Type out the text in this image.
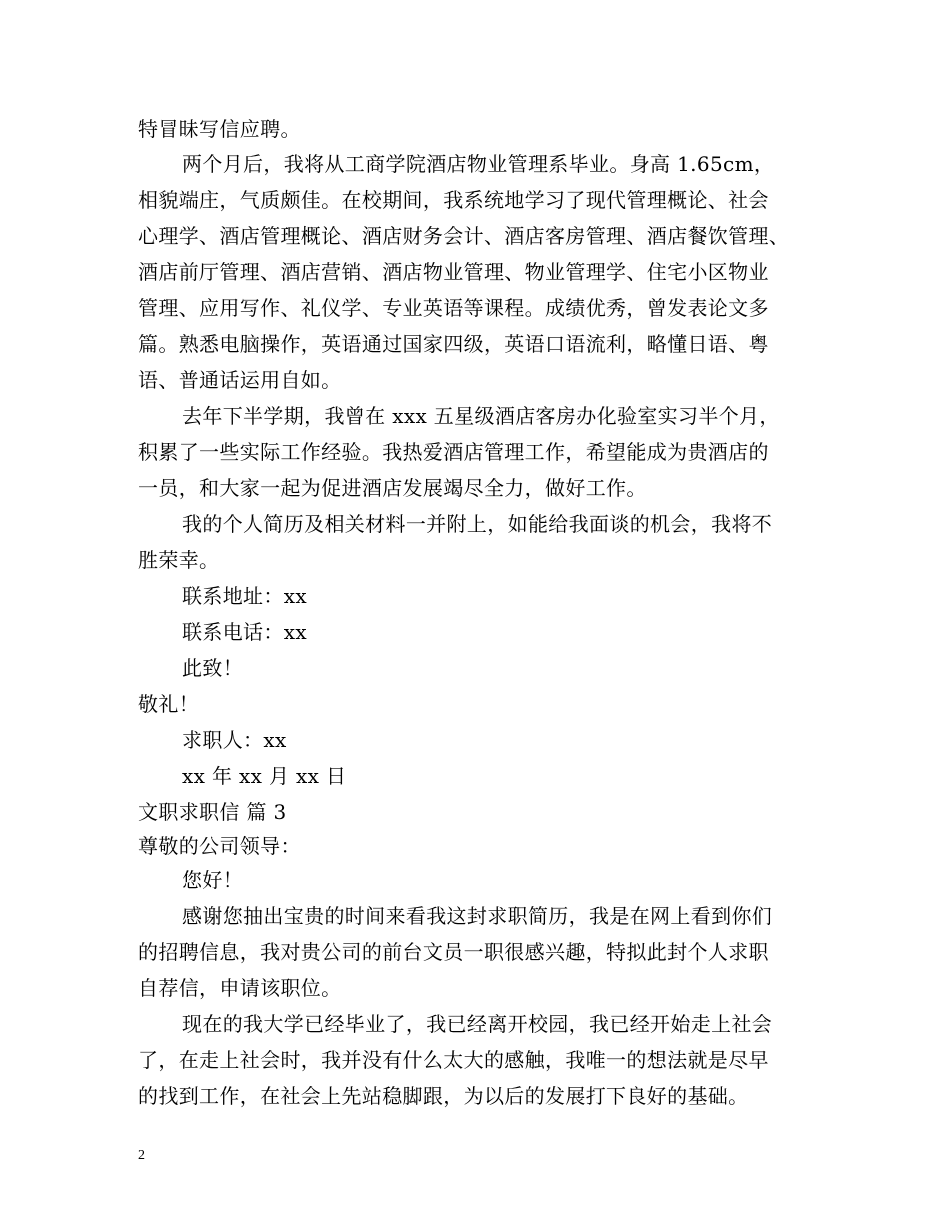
特冒昧写信应聘。
两个月后，我将从工商学院酒店物业管理系毕业。身高 1.65cm，
相貌端庄，气质颇佳。在校期间，我系统地学习了现代管理概论、社会
心理学、酒店管理概论、酒店财务会计、酒店客房管理、酒店餐饮管理、
酒店前厅管理、酒店营销、酒店物业管理、物业管理学、住宅小区物业
管理、应用写作、礼仪学、专业英语等课程。成绩优秀，曾发表论文多
篇。熟悉电脑操作，英语通过国家四级，英语口语流利，略懂日语、粤
语、普通话运用自如。
去年下半学期，我曾在 xxx 五星级酒店客房办化验室实习半个月，
积累了一些实际工作经验。我热爱酒店管理工作，希望能成为贵酒店的
一员，和大家一起为促进酒店发展竭尽全力，做好工作。
我的个人简历及相关材料一并附上，如能给我面谈的机会，我将不
胜荣幸。
联系地址：xx
联系电话：xx
此致！
敬礼！
求职人：xx
xx 年 xx 月 xx 日
文职求职信 篇 3
尊敬的公司领导：
您好！
感谢您抽出宝贵的时间来看我这封求职简历，我是在网上看到你们
的招聘信息，我对贵公司的前台文员一职很感兴趣，特拟此封个人求职
自荐信，申请该职位。
现在的我大学已经毕业了，我已经离开校园，我已经开始走上社会
了，在走上社会时，我并没有什么太大的感触，我唯一的想法就是尽早
的找到工作，在社会上先站稳脚跟，为以后的发展打下良好的基础。
2
